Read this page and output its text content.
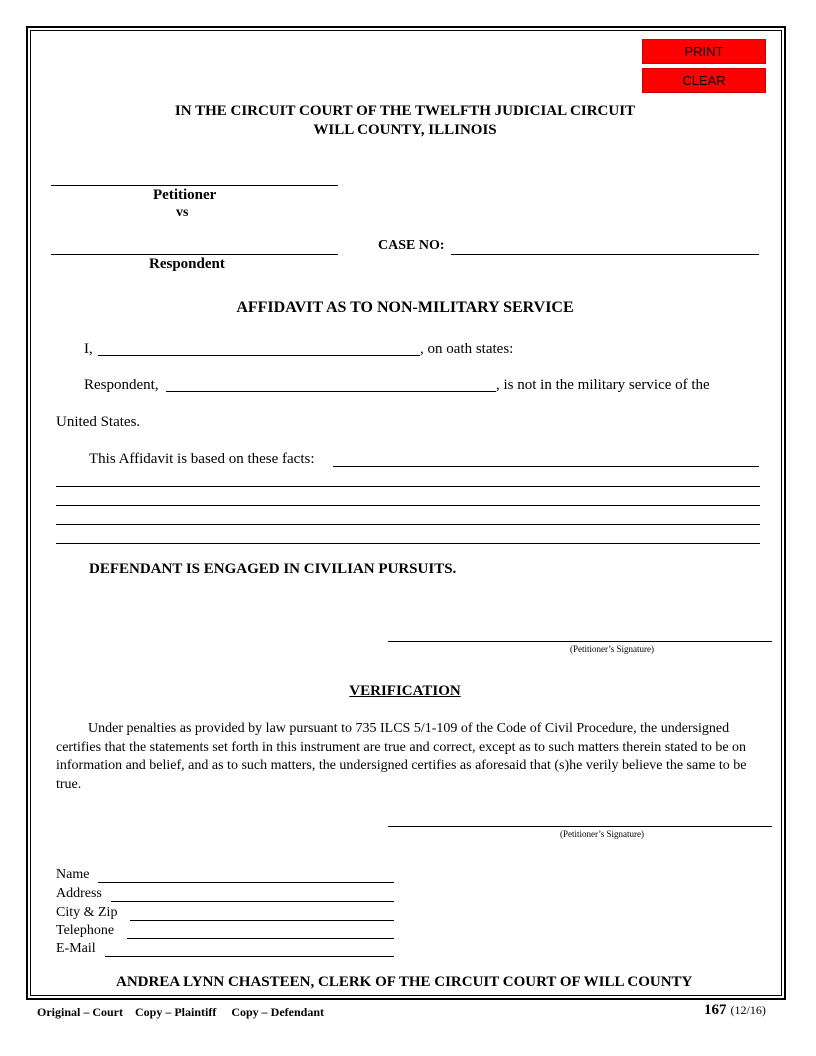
PRINT
CLEAR
IN THE CIRCUIT COURT OF THE TWELFTH JUDICIAL CIRCUIT
WILL COUNTY, ILLINOIS
Petitioner
vs
CASE NO:
Respondent
AFFIDAVIT AS TO NON-MILITARY SERVICE
I,	, on oath states:
Respondent,	, is not in the military service of the
United States.
This Affidavit is based on these facts:
DEFENDANT IS ENGAGED IN CIVILIAN PURSUITS.
(Petitioner’s Signature)
VERIFICATION
Under penalties as provided by law pursuant to 735 ILCS 5/1-109 of the Code of Civil Procedure, the undersigned certifies that the statements set forth in this instrument are true and correct, except as to such matters therein stated to be on information and belief, and as to such matters, the undersigned certifies as aforesaid that (s)he verily believe the same to be true.
(Petitioner’s Signature)
Name
Address
City & Zip
Telephone
E-Mail
ANDREA LYNN CHASTEEN, CLERK OF THE CIRCUIT COURT OF WILL COUNTY
Original – Court    Copy – Plaintiff     Copy – Defendant	167 (12/16)
